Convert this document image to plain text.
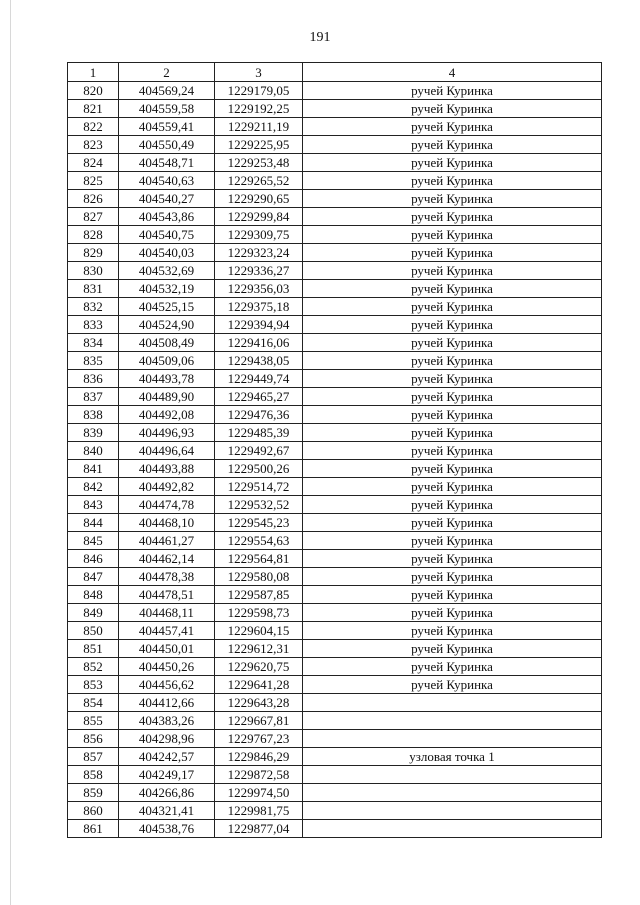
191
1	2	3	4
820	404569,24	1229179,05	ручей Куринка
821	404559,58	1229192,25	ручей Куринка
822	404559,41	1229211,19	ручей Куринка
823	404550,49	1229225,95	ручей Куринка
824	404548,71	1229253,48	ручей Куринка
825	404540,63	1229265,52	ручей Куринка
826	404540,27	1229290,65	ручей Куринка
827	404543,86	1229299,84	ручей Куринка
828	404540,75	1229309,75	ручей Куринка
829	404540,03	1229323,24	ручей Куринка
830	404532,69	1229336,27	ручей Куринка
831	404532,19	1229356,03	ручей Куринка
832	404525,15	1229375,18	ручей Куринка
833	404524,90	1229394,94	ручей Куринка
834	404508,49	1229416,06	ручей Куринка
835	404509,06	1229438,05	ручей Куринка
836	404493,78	1229449,74	ручей Куринка
837	404489,90	1229465,27	ручей Куринка
838	404492,08	1229476,36	ручей Куринка
839	404496,93	1229485,39	ручей Куринка
840	404496,64	1229492,67	ручей Куринка
841	404493,88	1229500,26	ручей Куринка
842	404492,82	1229514,72	ручей Куринка
843	404474,78	1229532,52	ручей Куринка
844	404468,10	1229545,23	ручей Куринка
845	404461,27	1229554,63	ручей Куринка
846	404462,14	1229564,81	ручей Куринка
847	404478,38	1229580,08	ручей Куринка
848	404478,51	1229587,85	ручей Куринка
849	404468,11	1229598,73	ручей Куринка
850	404457,41	1229604,15	ручей Куринка
851	404450,01	1229612,31	ручей Куринка
852	404450,26	1229620,75	ручей Куринка
853	404456,62	1229641,28	ручей Куринка
854	404412,66	1229643,28	
855	404383,26	1229667,81	
856	404298,96	1229767,23	
857	404242,57	1229846,29	узловая точка 1
858	404249,17	1229872,58	
859	404266,86	1229974,50	
860	404321,41	1229981,75	
861	404538,76	1229877,04	
